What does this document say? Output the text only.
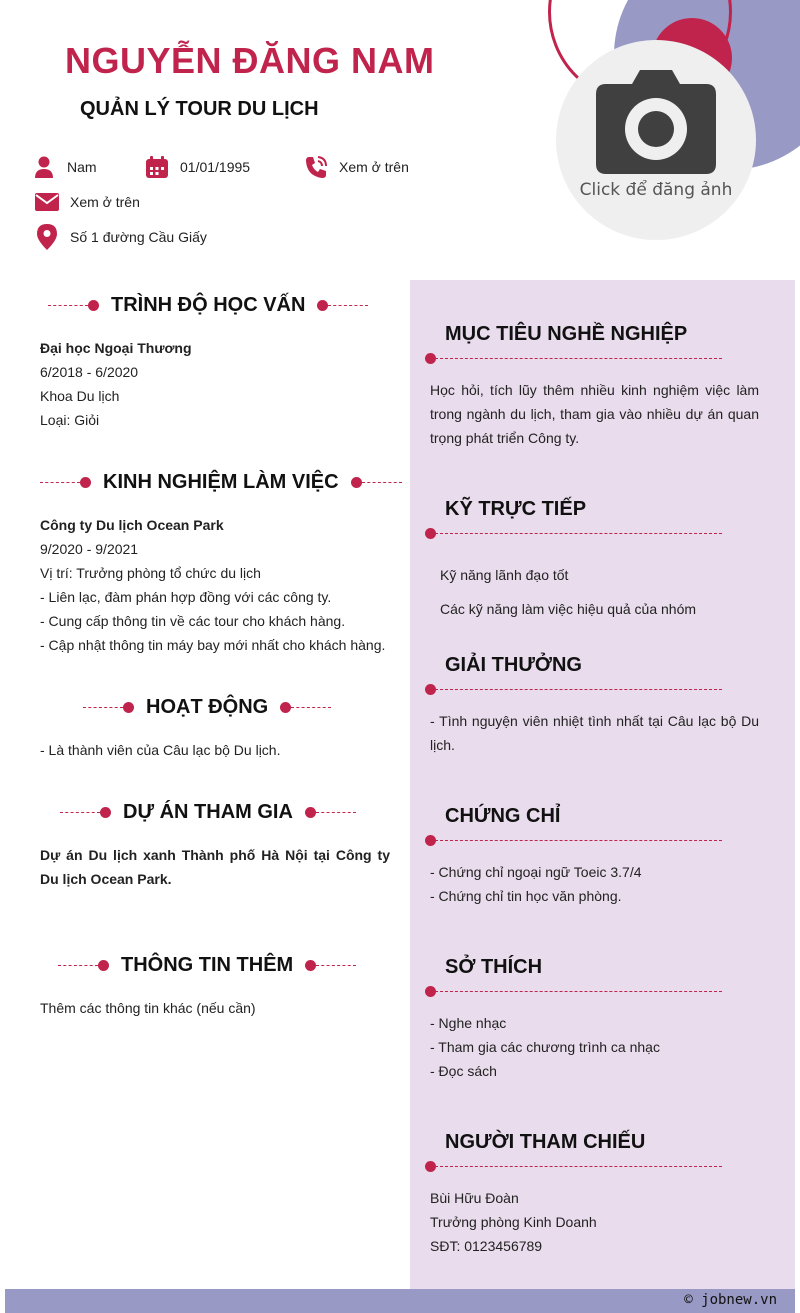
Click để đăng ảnh
NGUYỄN ĐĂNG NAM
QUẢN LÝ TOUR DU LỊCH
Nam	01/01/1995	Xem ở trên
Xem ở trên
Số 1 đường Cầu Giấy
TRÌNH ĐỘ HỌC VẤN
Đại học Ngoại Thương
6/2018 - 6/2020
Khoa Du lịch
Loại: Giỏi
KINH NGHIỆM LÀM VIỆC
Công ty Du lịch Ocean Park
9/2020 - 9/2021
Vị trí: Trưởng phòng tổ chức du lịch
- Liên lạc, đàm phán hợp đồng với các công ty.
- Cung cấp thông tin về các tour cho khách hàng.
- Cập nhật thông tin máy bay mới nhất cho khách hàng.
HOẠT ĐỘNG
- Là thành viên của Câu lạc bộ Du lịch.
DỰ ÁN THAM GIA
Dự án Du lịch xanh Thành phố Hà Nội tại Công ty Du lịch Ocean Park.
THÔNG TIN THÊM
Thêm các thông tin khác (nếu cần)
MỤC TIÊU NGHỀ NGHIỆP
Học hỏi, tích lũy thêm nhiều kinh nghiệm việc làm trong ngành du lịch, tham gia vào nhiều dự án quan trọng phát triển Công ty.
KỸ TRỰC TIẾP
Kỹ năng lãnh đạo tốt
Các kỹ năng làm việc hiệu quả của nhóm
GIẢI THƯỞNG
- Tình nguyện viên nhiệt tình nhất tại Câu lạc bộ Du lịch.
CHỨNG CHỈ
- Chứng chỉ ngoại ngữ Toeic 3.7/4
- Chứng chỉ tin học văn phòng.
SỞ THÍCH
- Nghe nhạc
- Tham gia các chương trình ca nhạc
- Đọc sách
NGƯỜI THAM CHIẾU
Bùi Hữu Đoàn
Trưởng phòng Kinh Doanh
SĐT: 0123456789
© jobnew.vn
